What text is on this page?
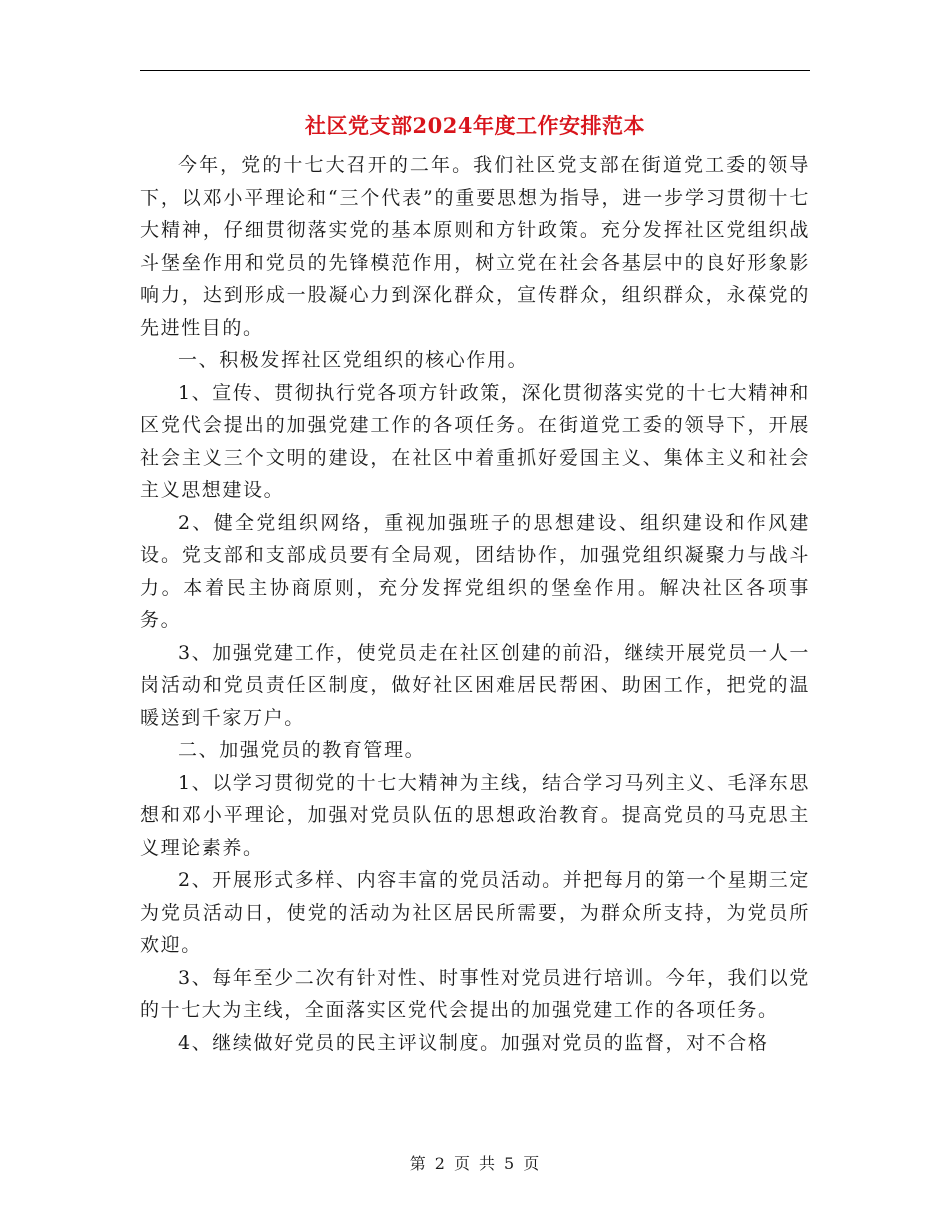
社区党支部2024年度工作安排范本

今年，党的十七大召开的二年。我们社区党支部在街道党工委的领导下，以邓小平理论和“三个代表”的重要思想为指导，进一步学习贯彻十七大精神，仔细贯彻落实党的基本原则和方针政策。充分发挥社区党组织战斗堡垒作用和党员的先锋模范作用，树立党在社会各基层中的良好形象影响力，达到形成一股凝心力到深化群众，宣传群众，组织群众，永葆党的先进性目的。

一、积极发挥社区党组织的核心作用。

1、宣传、贯彻执行党各项方针政策，深化贯彻落实党的十七大精神和区党代会提出的加强党建工作的各项任务。在街道党工委的领导下，开展社会主义三个文明的建设，在社区中着重抓好爱国主义、集体主义和社会主义思想建设。

2、健全党组织网络，重视加强班子的思想建设、组织建设和作风建设。党支部和支部成员要有全局观，团结协作，加强党组织凝聚力与战斗力。本着民主协商原则，充分发挥党组织的堡垒作用。解决社区各项事务。

3、加强党建工作，使党员走在社区创建的前沿，继续开展党员一人一岗活动和党员责任区制度，做好社区困难居民帮困、助困工作，把党的温暖送到千家万户。

二、加强党员的教育管理。

1、以学习贯彻党的十七大精神为主线，结合学习马列主义、毛泽东思想和邓小平理论，加强对党员队伍的思想政治教育。提高党员的马克思主义理论素养。

2、开展形式多样、内容丰富的党员活动。并把每月的第一个星期三定为党员活动日，使党的活动为社区居民所需要，为群众所支持，为党员所欢迎。

3、每年至少二次有针对性、时事性对党员进行培训。今年，我们以党的十七大为主线，全面落实区党代会提出的加强党建工作的各项任务。

4、继续做好党员的民主评议制度。加强对党员的监督，对不合格

第 2 页 共 5 页
